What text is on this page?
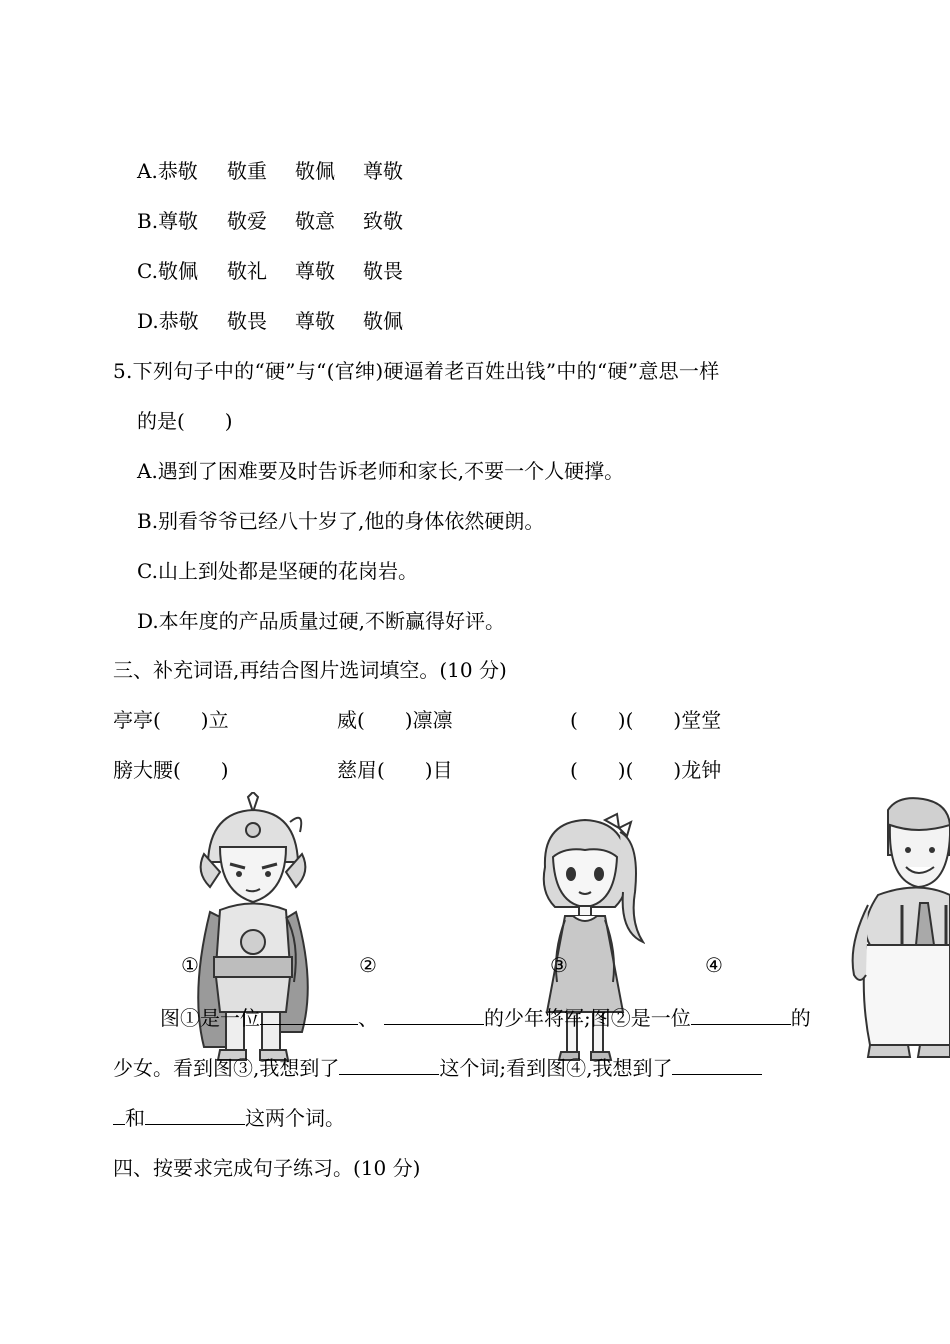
A.恭敬 敬重 敬佩 尊敬
B.尊敬 敬爱 敬意 致敬
C.敬佩 敬礼 尊敬 敬畏
D.恭敬 敬畏 尊敬 敬佩
5.下列句子中的“硬”与“(官绅)硬逼着老百姓出钱”中的“硬”意思一样
的是(　　)
A.遇到了困难要及时告诉老师和家长,不要一个人硬撑。
B.别看爷爷已经八十岁了,他的身体依然硬朗。
C.山上到处都是坚硬的花岗岩。
D.本年度的产品质量过硬,不断赢得好评。
三、补充词语,再结合图片选词填空。(10 分)
亭亭(　　)立	威(　　)凛凛	(　　)(　　)堂堂
膀大腰(　　)	慈眉(　　)目	(　　)(　　)龙钟
①	②	③	④
图①是一位	、	的少年将军;图②是一位	的
少女。看到图③,我想到了	这个词;看到图④,我想到了
和	这两个词。
四、按要求完成句子练习。(10 分)
